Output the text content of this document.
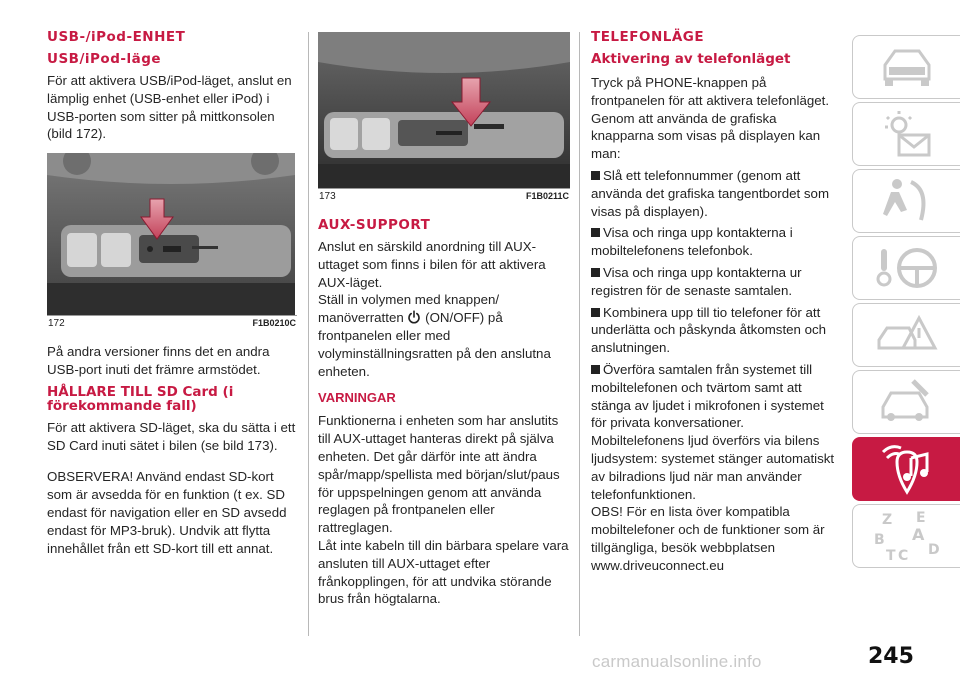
USB-/iPod-ENHET
USB/iPod-läge
För att aktivera USB/iPod-läget, anslut en lämplig enhet (USB-enhet eller iPod) i USB-porten som sitter på mittkonsolen (bild 172).
172	F1B0210C
På andra versioner finns det en andra USB-port inuti det främre armstödet.
HÅLLARE TILL SD Card (i förekommande fall)
För att aktivera SD-läget, ska du sätta i ett SD Card inuti sätet i bilen (se bild 173).
OBSERVERA! Använd endast SD-kort som är avsedda för en funktion (t ex. SD endast för navigation eller en SD avsedd endast för MP3-bruk). Undvik att flytta innehållet från ett SD-kort till ett annat.
173	F1B0211C
AUX-SUPPORT
Anslut en särskild anordning till AUX-uttaget som finns i bilen för att aktivera AUX-läget.
Ställ in volymen med knappen/ manöverratten (ON/OFF) på frontpanelen eller med volyminställningsratten på den anslutna enheten.
VARNINGAR
Funktionerna i enheten som har anslutits till AUX-uttaget hanteras direkt på själva enheten. Det går därför inte att ändra spår/mapp/spellista med början/slut/paus för uppspelningen genom att använda reglagen på frontpanelen eller rattreglagen.
Låt inte kabeln till din bärbara spelare vara ansluten till AUX-uttaget efter frånkopplingen, för att undvika störande brus från högtalarna.
TELEFONLÄGE
Aktivering av telefonläget
Tryck på PHONE-knappen på frontpanelen för att aktivera telefonläget.
Genom att använda de grafiska knapparna som visas på displayen kan man:
Slå ett telefonnummer (genom att använda det grafiska tangentbordet som visas på displayen).
Visa och ringa upp kontakterna i mobiltelefonens telefonbok.
Visa och ringa upp kontakterna ur registren för de senaste samtalen.
Kombinera upp till tio telefoner för att underlätta och påskynda åtkomsten och anslutningen.
Överföra samtalen från systemet till mobiltelefonen och tvärtom samt att stänga av ljudet i mikrofonen i systemet för privata konversationer.
Mobiltelefonens ljud överförs via bilens ljudsystem: systemet stänger automatiskt av bilradions ljud när man använder telefonfunktionen.
OBS! För en lista över kompatibla mobiltelefoner och de funktioner som är tillgängliga, besök webbplatsen www.driveuconnect.eu
Z E
A
B
C D
T
carmanualsonline.info	245
